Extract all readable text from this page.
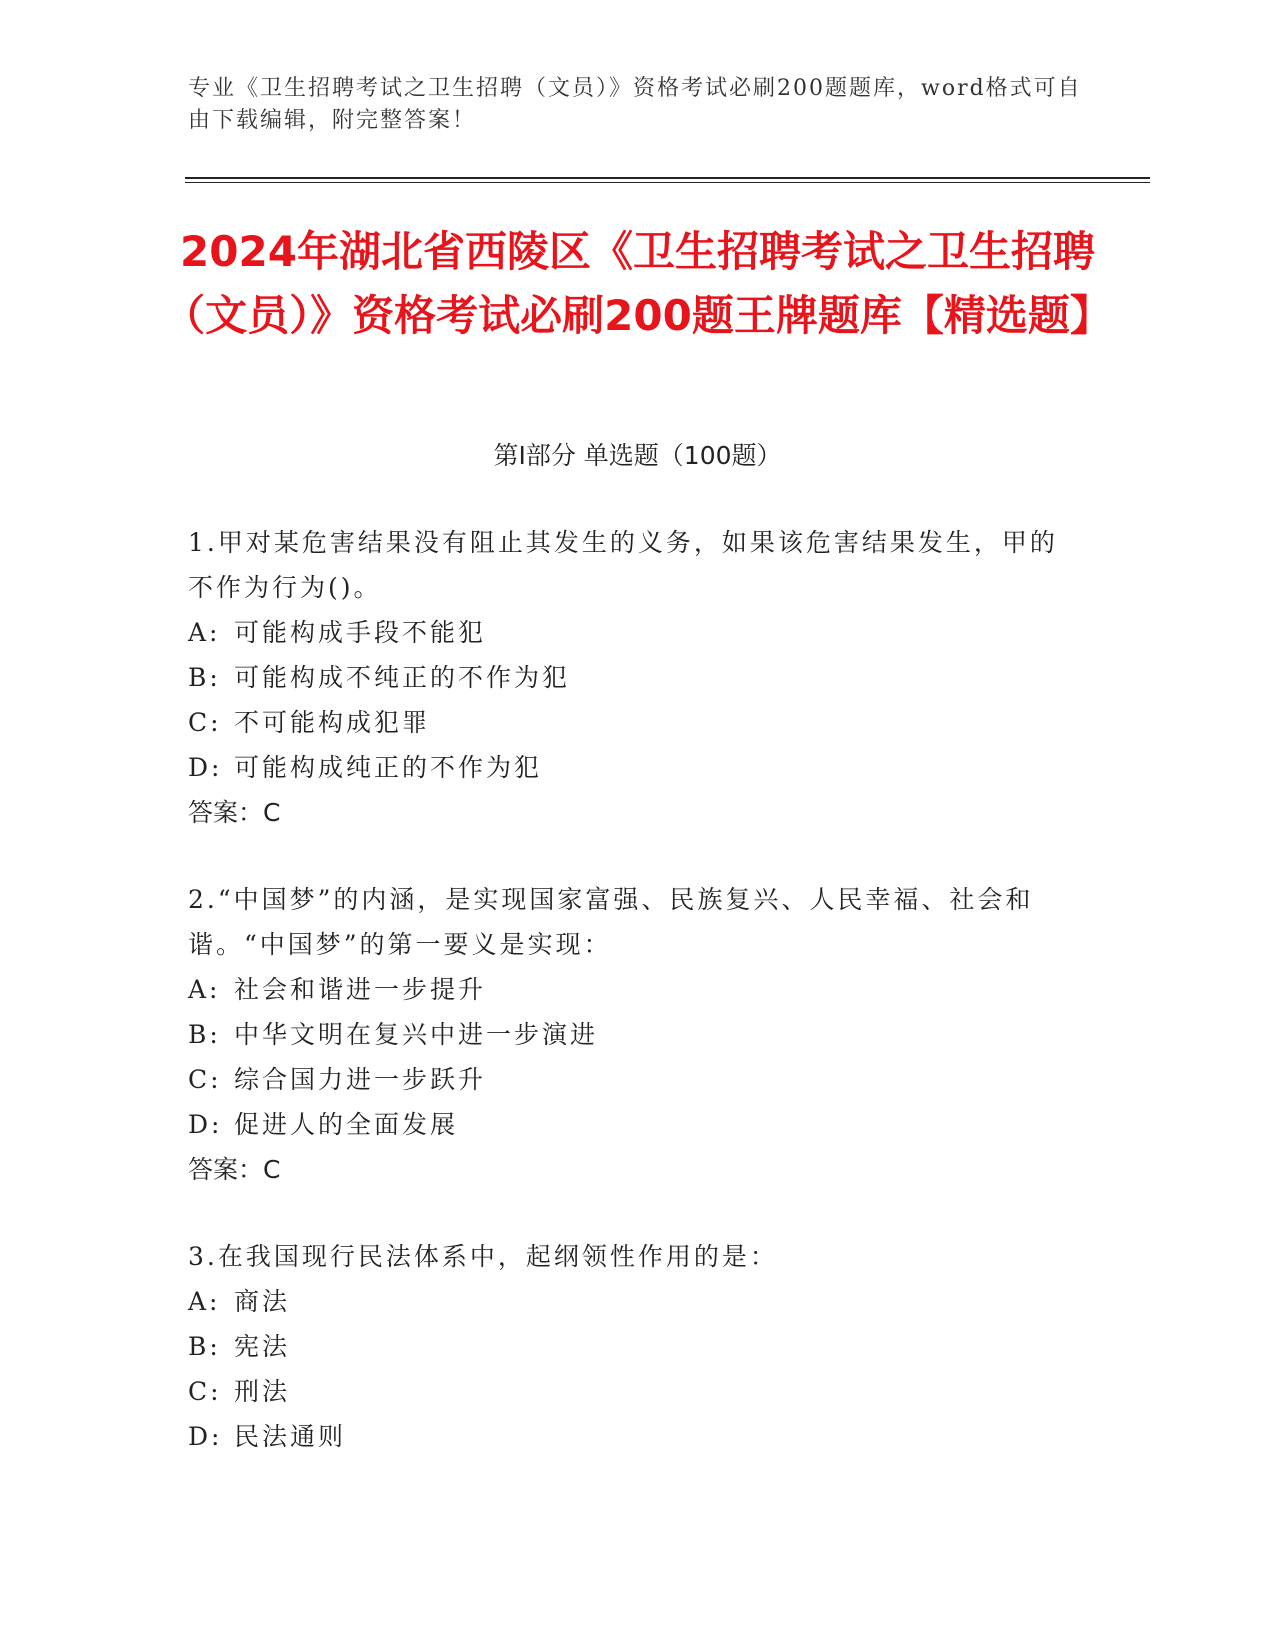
专业《卫生招聘考试之卫生招聘（文员）》资格考试必刷200题题库，word格式可自由下载编辑，附完整答案！
2024年湖北省西陵区《卫生招聘考试之卫生招聘（文员）》资格考试必刷200题王牌题库【精选题】
第Ⅰ部分 单选题（100题）
1.甲对某危害结果没有阻止其发生的义务，如果该危害结果发生，甲的不作为行为()。
A: 可能构成手段不能犯
B: 可能构成不纯正的不作为犯
C: 不可能构成犯罪
D: 可能构成纯正的不作为犯
答案：C
2.“中国梦”的内涵，是实现国家富强、民族复兴、人民幸福、社会和谐。“中国梦”的第一要义是实现：
A: 社会和谐进一步提升
B: 中华文明在复兴中进一步演进
C: 综合国力进一步跃升
D: 促进人的全面发展
答案：C
3.在我国现行民法体系中，起纲领性作用的是：
A: 商法
B: 宪法
C: 刑法
D: 民法通则
